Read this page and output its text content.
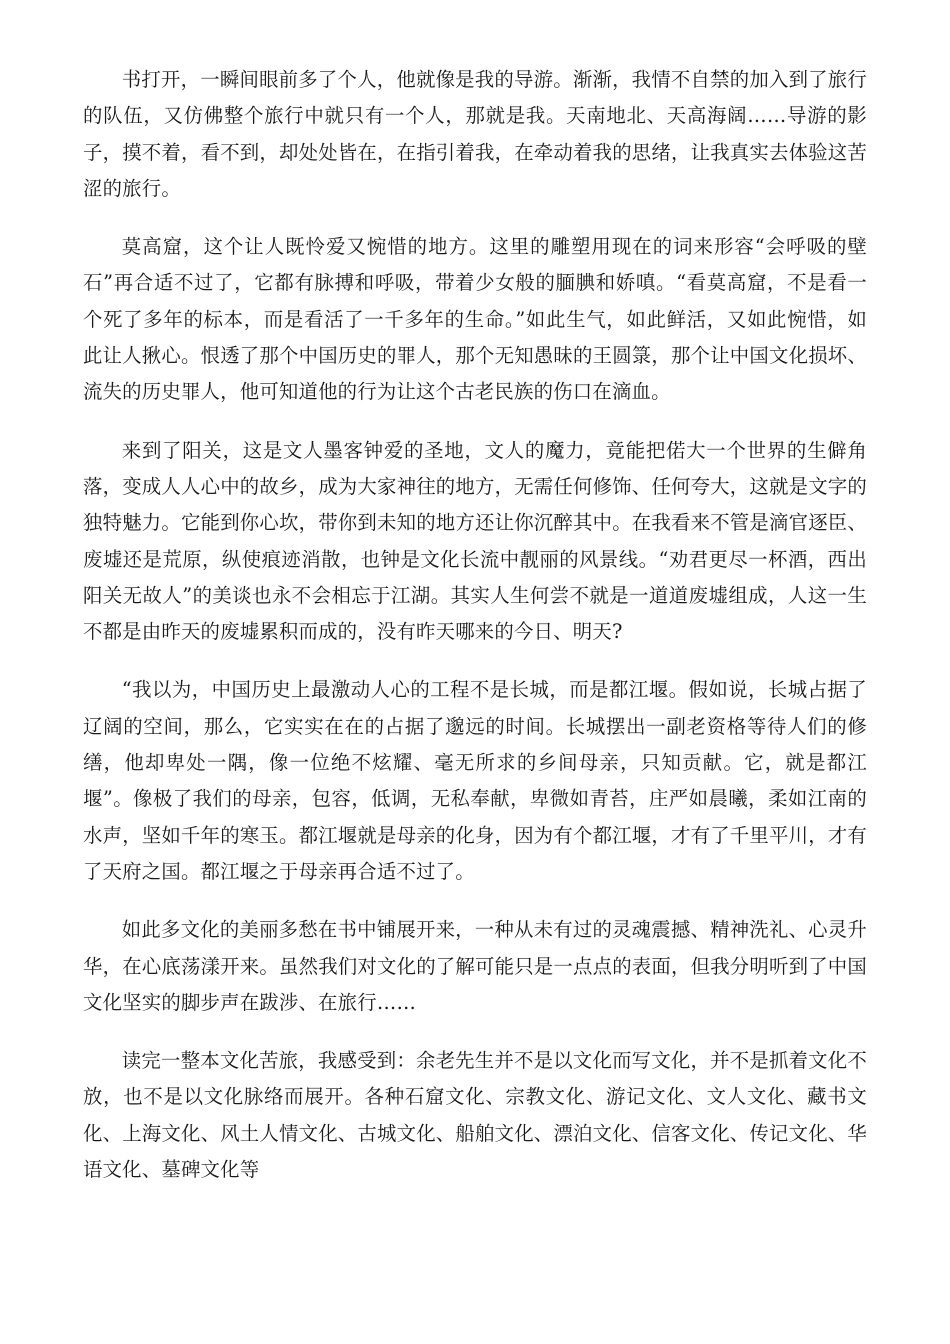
书打开，一瞬间眼前多了个人，他就像是我的导游。渐渐，我情不自禁的加入到了旅行的队伍，又仿佛整个旅行中就只有一个人，那就是我。天南地北、天高海阔……导游的影子，摸不着，看不到，却处处皆在，在指引着我，在牵动着我的思绪，让我真实去体验这苦涩的旅行。

莫高窟，这个让人既怜爱又惋惜的地方。这里的雕塑用现在的词来形容“会呼吸的壁石”再合适不过了，它都有脉搏和呼吸，带着少女般的腼腆和娇嗔。“看莫高窟，不是看一个死了多年的标本，而是看活了一千多年的生命。”如此生气，如此鲜活，又如此惋惜，如此让人揪心。恨透了那个中国历史的罪人，那个无知愚昧的王圆箓，那个让中国文化损坏、流失的历史罪人，他可知道他的行为让这个古老民族的伤口在滴血。

来到了阳关，这是文人墨客钟爱的圣地，文人的魔力，竟能把偌大一个世界的生僻角落，变成人人心中的故乡，成为大家神往的地方，无需任何修饰、任何夸大，这就是文字的独特魅力。它能到你心坎，带你到未知的地方还让你沉醉其中。在我看来不管是滴官逐臣、废墟还是荒原，纵使痕迹消散，也钟是文化长流中靓丽的风景线。“劝君更尽一杯酒，西出阳关无故人”的美谈也永不会相忘于江湖。其实人生何尝不就是一道道废墟组成，人这一生不都是由昨天的废墟累积而成的，没有昨天哪来的今日、明天?

“我以为，中国历史上最激动人心的工程不是长城，而是都江堰。假如说，长城占据了辽阔的空间，那么，它实实在在的占据了邈远的时间。长城摆出一副老资格等待人们的修缮，他却卑处一隅，像一位绝不炫耀、毫无所求的乡间母亲，只知贡献。它，就是都江堰”。像极了我们的母亲，包容，低调，无私奉献，卑微如青苔，庄严如晨曦，柔如江南的水声，坚如千年的寒玉。都江堰就是母亲的化身，因为有个都江堰，才有了千里平川，才有了天府之国。都江堰之于母亲再合适不过了。

如此多文化的美丽多愁在书中铺展开来，一种从未有过的灵魂震撼、精神洗礼、心灵升华，在心底荡漾开来。虽然我们对文化的了解可能只是一点点的表面，但我分明听到了中国文化坚实的脚步声在跋涉、在旅行……

读完一整本文化苦旅，我感受到：余老先生并不是以文化而写文化，并不是抓着文化不放，也不是以文化脉络而展开。各种石窟文化、宗教文化、游记文化、文人文化、藏书文化、上海文化、风土人情文化、古城文化、船舶文化、漂泊文化、信客文化、传记文化、华语文化、墓碑文化等
